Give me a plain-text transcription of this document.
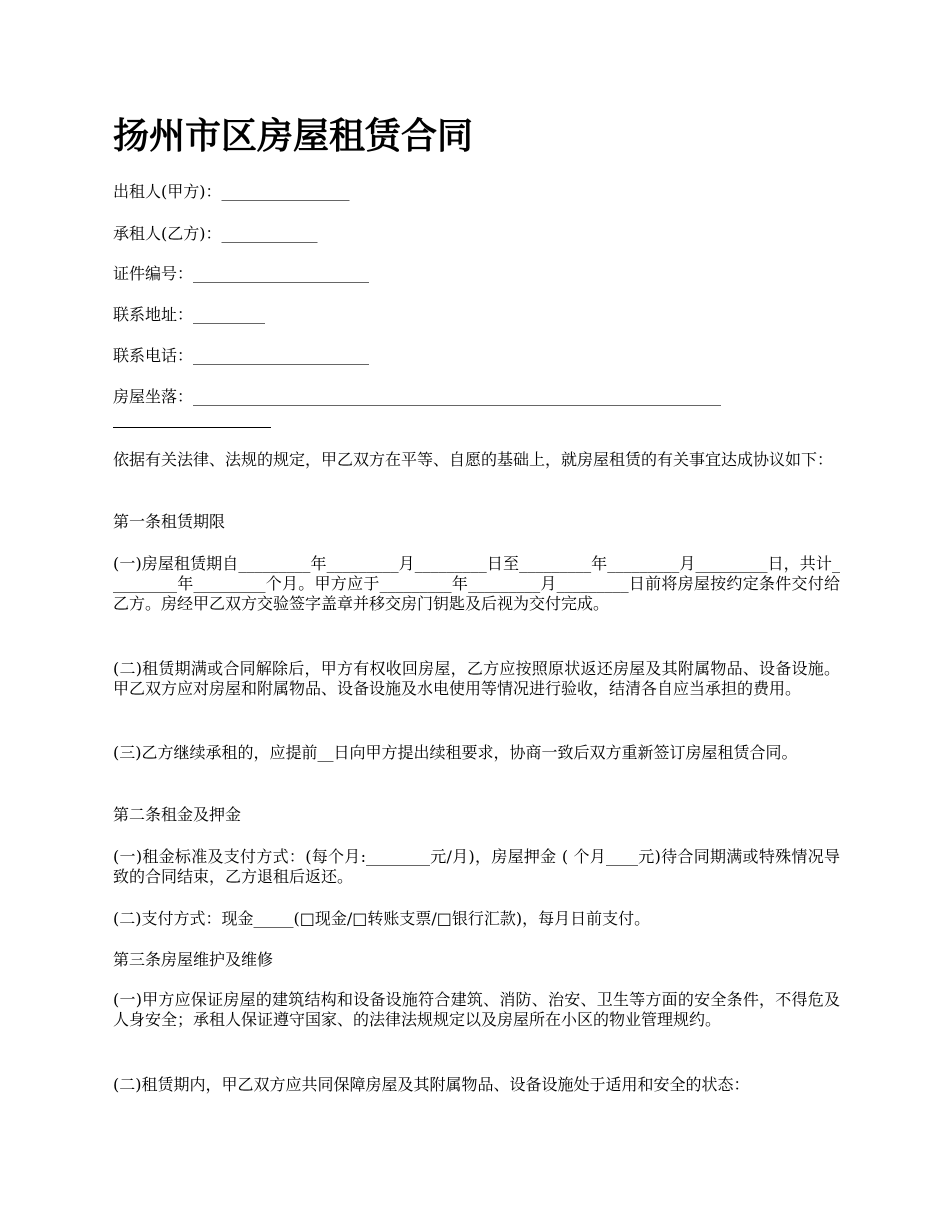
扬州市区房屋租赁合同
出租人(甲方)：________________
承租人(乙方)：____________
证件编号：______________________
联系地址：_________
联系电话：______________________
房屋坐落：__________________________________________________________________

依据有关法律、法规的规定，甲乙双方在平等、自愿的基础上，就房屋租赁的有关事宜达成协议如下：

第一条租赁期限

(一)房屋租赁期自_________年_________月_________日至_________年_________月_________日，共计_________年_________个月。甲方应于_________年_________月_________日前将房屋按约定条件交付给乙方。房经甲乙双方交验签字盖章并移交房门钥匙及后视为交付完成。

(二)租赁期满或合同解除后，甲方有权收回房屋，乙方应按照原状返还房屋及其附属物品、设备设施。甲乙双方应对房屋和附属物品、设备设施及水电使用等情况进行验收，结清各自应当承担的费用。

(三)乙方继续承租的，应提前__日向甲方提出续租要求，协商一致后双方重新签订房屋租赁合同。

第二条租金及押金

(一)租金标准及支付方式：(每个月:________元/月)，房屋押金 ( 个月____元)待合同期满或特殊情况导致的合同结束，乙方退租后返还。

(二)支付方式：现金_____(□现金/□转账支票/□银行汇款)，每月日前支付。

第三条房屋维护及维修

(一)甲方应保证房屋的建筑结构和设备设施符合建筑、消防、治安、卫生等方面的安全条件，不得危及人身安全；承租人保证遵守国家、的法律法规规定以及房屋所在小区的物业管理规约。

(二)租赁期内，甲乙双方应共同保障房屋及其附属物品、设备设施处于适用和安全的状态：
